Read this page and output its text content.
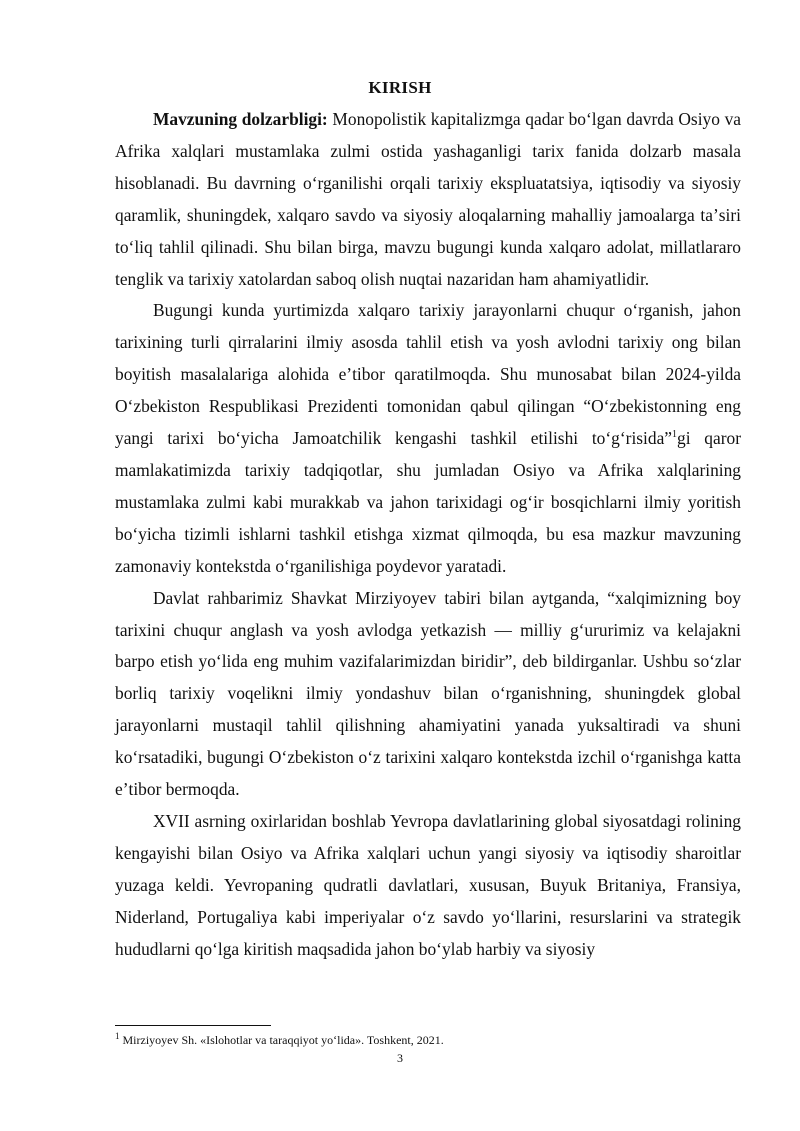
KIRISH

Mavzuning dolzarbligi: Monopolistik kapitalizmga qadar boʻlgan davrda Osiyo va Afrika xalqlari mustamlaka zulmi ostida yashaganligi tarix fanida dolzarb masala hisoblanadi. Bu davrning oʻrganilishi orqali tarixiy ekspluatatsiya, iqtisodiy va siyosiy qaramlik, shuningdek, xalqaro savdo va siyosiy aloqalarning mahalliy jamoalarga taʼsiri toʻliq tahlil qilinadi. Shu bilan birga, mavzu bugungi kunda xalqaro adolat, millatlararo tenglik va tarixiy xatolardan saboq olish nuqtai nazaridan ham ahamiyatlidir.

Bugungi kunda yurtimizda xalqaro tarixiy jarayonlarni chuqur oʻrganish, jahon tarixining turli qirralarini ilmiy asosda tahlil etish va yosh avlodni tarixiy ong bilan boyitish masalalariga alohida eʼtibor qaratilmoqda. Shu munosabat bilan 2024-yilda Oʻzbekiston Respublikasi Prezidenti tomonidan qabul qilingan “Oʻzbekistonning eng yangi tarixi boʻyicha Jamoatchilik kengashi tashkil etilishi toʻgʻrisida”$^1$gi qaror mamlakatimizda tarixiy tadqiqotlar, shu jumladan Osiyo va Afrika xalqlarining mustamlaka zulmi kabi murakkab va jahon tarixidagi ogʻir bosqichlarni ilmiy yoritish boʻyicha tizimli ishlarni tashkil etishga xizmat qilmoqda, bu esa mazkur mavzuning zamonaviy kontekstda oʻrganilishiga poydevor yaratadi.

Davlat rahbarimiz Shavkat Mirziyoyev tabiri bilan aytganda, “xalqimizning boy tarixini chuqur anglash va yosh avlodga yetkazish — milliy gʻururimiz va kelajakni barpo etish yoʻlida eng muhim vazifalarimizdan biridir”, deb bildirganlar. Ushbu soʻzlar borliq tarixiy voqelikni ilmiy yondashuv bilan oʻrganishning, shuningdek global jarayonlarni mustaqil tahlil qilishning ahamiyatini yanada yuksaltiradi va shuni koʻrsatadiki, bugungi Oʻzbekiston oʻz tarixini xalqaro kontekstda izchil oʻrganishga katta eʼtibor bermoqda.

XVII asrning oxirlaridan boshlab Yevropa davlatlarining global siyosatdagi rolining kengayishi bilan Osiyo va Afrika xalqlari uchun yangi siyosiy va iqtisodiy sharoitlar yuzaga keldi. Yevropaning qudratli davlatlari, xususan, Buyuk Britaniya, Fransiya, Niderland, Portugaliya kabi imperiyalar oʻz savdo yoʻllarini, resurslarini va strategik hududlarni qoʻlga kiritish maqsadida jahon boʻylab harbiy va siyosiy

$^1$ Mirziyoyev Sh. «Islohotlar va taraqqiyot yoʻlida». Toshkent, 2021.
3
